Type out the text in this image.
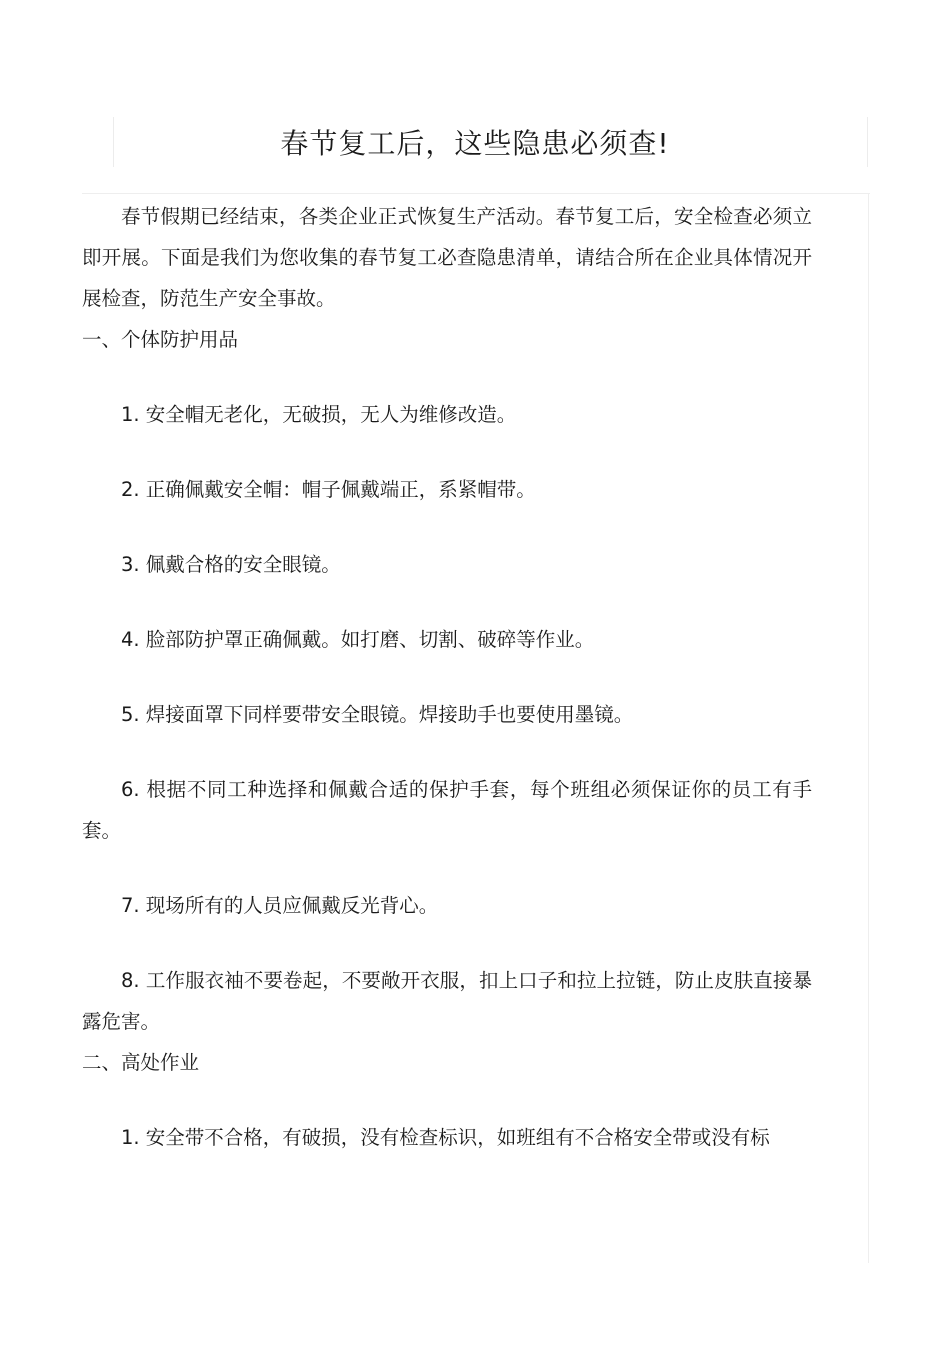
春节复工后，这些隐患必须查!

春节假期已经结束，各类企业正式恢复生产活动。春节复工后，安全检查必须立即开展。下面是我们为您收集的春节复工必查隐患清单，请结合所在企业具体情况开展检查，防范生产安全事故。

一、个体防护用品

1. 安全帽无老化，无破损，无人为维修改造。

2. 正确佩戴安全帽：帽子佩戴端正，系紧帽带。

3. 佩戴合格的安全眼镜。

4. 脸部防护罩正确佩戴。如打磨、切割、破碎等作业。

5. 焊接面罩下同样要带安全眼镜。焊接助手也要使用墨镜。

6. 根据不同工种选择和佩戴合适的保护手套，每个班组必须保证你的员工有手套。

7. 现场所有的人员应佩戴反光背心。

8. 工作服衣袖不要卷起，不要敞开衣服，扣上口子和拉上拉链，防止皮肤直接暴露危害。

二、高处作业

1. 安全带不合格，有破损，没有检查标识，如班组有不合格安全带或没有标
